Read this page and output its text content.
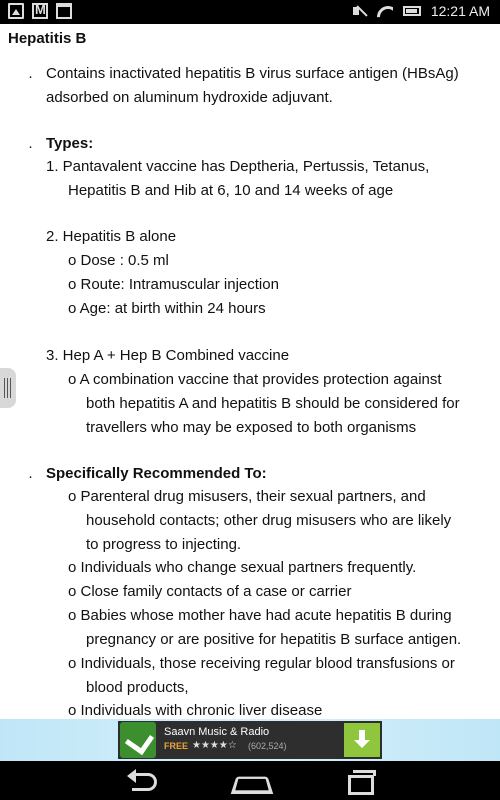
M
12:21 AM
Hepatitis B
· Contains inactivated hepatitis B virus surface antigen (HBsAg)
adsorbed on aluminum hydroxide adjuvant.
· Types:
1. Pantavalent vaccine has Deptheria, Pertussis, Tetanus,
Hepatitis B and Hib at 6, 10 and 14 weeks of age
2. Hepatitis B alone
o Dose : 0.5 ml
o Route: Intramuscular injection
o Age: at birth within 24 hours
3. Hep A + Hep B Combined vaccine
o A combination vaccine that provides protection against
both hepatitis A and hepatitis B should be considered for
travellers who may be exposed to both organisms
· Specifically Recommended To:
o Parenteral drug misusers, their sexual partners, and
household contacts; other drug misusers who are likely
to progress to injecting.
o Individuals who change sexual partners frequently.
o Close family contacts of a case or carrier
o Babies whose mother have had acute hepatitis B during
pregnancy or are positive for hepatitis B surface antigen.
o Individuals, those receiving regular blood transfusions or
blood products,
o Individuals with chronic liver disease
Saavn Music & Radio
FREE ★★★★☆ (602,524)
